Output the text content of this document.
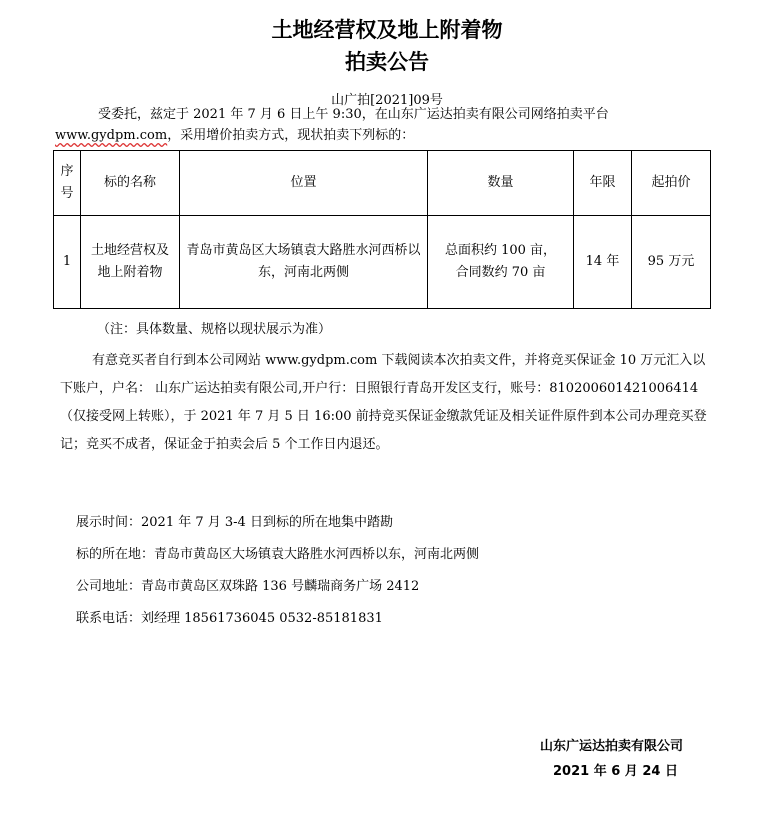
土地经营权及地上附着物
拍卖公告
山广拍[2021]09号
受委托，兹定于 2021 年 7 月 6 日上午 9:30，在山东广运达拍卖有限公司网络拍卖平台
www.gydpm.com，采用增价拍卖方式，现状拍卖下列标的：
序号	标的名称	位置	数量	年限	起拍价
1	土地经营权及地上附着物	青岛市黄岛区大场镇袁大路胜水河西桥以东，河南北两侧	总面积约 100 亩，
合同数约 70 亩	14 年	95 万元
（注：具体数量、规格以现状展示为准）
有意竞买者自行到本公司网站 www.gydpm.com 下载阅读本次拍卖文件，并将竞买保证金 10 万元汇入以下账户，户名： 山东广运达拍卖有限公司,开户行：日照银行青岛开发区支行，账号：810200601421006414（仅接受网上转账），于 2021 年 7 月 5 日 16:00 前持竞买保证金缴款凭证及相关证件原件到本公司办理竞买登记；竞买不成者，保证金于拍卖会后 5 个工作日内退还。
展示时间：2021 年 7 月 3-4 日到标的所在地集中踏勘
标的所在地：青岛市黄岛区大场镇袁大路胜水河西桥以东，河南北两侧
公司地址：青岛市黄岛区双珠路 136 号麟瑞商务广场 2412
联系电话：刘经理 18561736045 0532-85181831
山东广运达拍卖有限公司
2021 年 6 月 24 日
